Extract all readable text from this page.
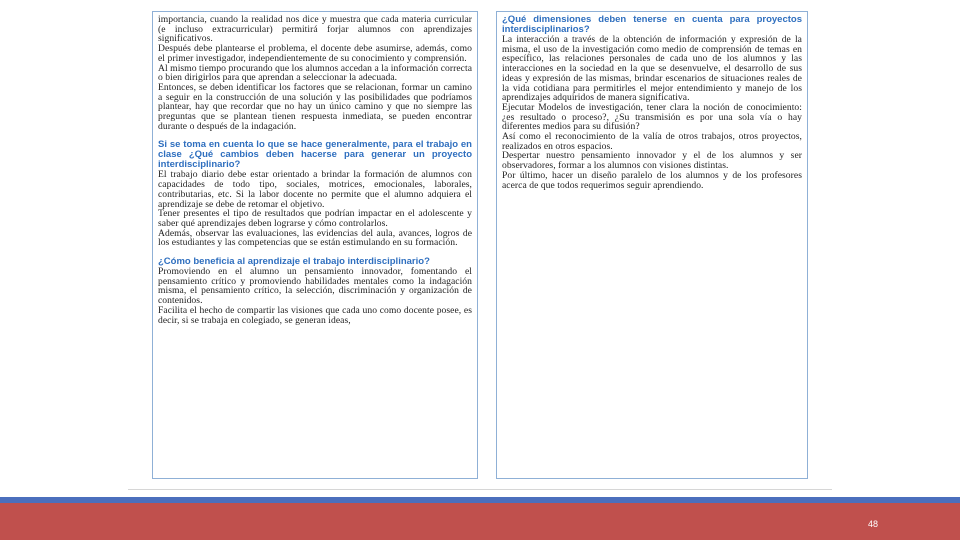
importancia, cuando la realidad nos dice y muestra que cada materia curricular (e incluso extracurricular) permitirá forjar alumnos con aprendizajes significativos.

Después debe plantearse el problema, el docente debe asumirse, además, como el primer investigador, independientemente de su conocimiento y comprensión.

Al mismo tiempo procurando que los alumnos accedan a la información correcta o bien dirigirlos para que aprendan a seleccionar la adecuada.

Entonces, se deben identificar los factores que se relacionan, formar un camino a seguir en la construcción de una solución y las posibilidades que podríamos plantear, hay que recordar que no hay un único camino y que no siempre las preguntas que se plantean tienen respuesta inmediata, se pueden encontrar durante o después de la indagación.

Si se toma en cuenta lo que se hace generalmente, para el trabajo en clase ¿Qué cambios deben hacerse para generar un proyecto interdisciplinario?

El trabajo diario debe estar orientado a brindar la formación de alumnos con capacidades de todo tipo, sociales, motrices, emocionales, laborales, contributarias, etc. Si la labor docente no permite que el alumno adquiera el aprendizaje se debe de retomar el objetivo.

Tener presentes el tipo de resultados que podrían impactar en el adolescente y saber qué aprendizajes deben lograrse y cómo controlarlos.

Además, observar las evaluaciones, las evidencias del aula, avances, logros de los estudiantes y las competencias que se están estimulando en su formación.

¿Cómo beneficia al aprendizaje el trabajo interdisciplinario?

Promoviendo en el alumno un pensamiento innovador, fomentando el pensamiento crítico y promoviendo habilidades mentales como la indagación misma, el pensamiento crítico, la selección, discriminación y organización de contenidos.

Facilita el hecho de compartir las visiones que cada uno como docente posee, es decir, si se trabaja en colegiado, se generan ideas,

¿Qué dimensiones deben tenerse en cuenta para proyectos interdisciplinarios?

La interacción a través de la obtención de información y expresión de la misma, el uso de la investigación como medio de comprensión de temas en específico, las relaciones personales de cada uno de los alumnos y las interacciones en la sociedad en la que se desenvuelve, el desarrollo de sus ideas y expresión de las mismas, brindar escenarios de situaciones reales de la vida cotidiana para permitirles el mejor entendimiento y manejo de los aprendizajes adquiridos de manera significativa.

Ejecutar Modelos de investigación, tener clara la noción de conocimiento: ¿es resultado o proceso?, ¿Su transmisión es por una sola vía o hay diferentes medios para su difusión?

Así como el reconocimiento de la valía de otros trabajos, otros proyectos, realizados en otros espacios.

Despertar nuestro pensamiento innovador y el de los alumnos y ser observadores, formar a los alumnos con visiones distintas.

Por último, hacer un diseño paralelo de los alumnos y de los profesores acerca de que todos requerimos seguir aprendiendo.

48
